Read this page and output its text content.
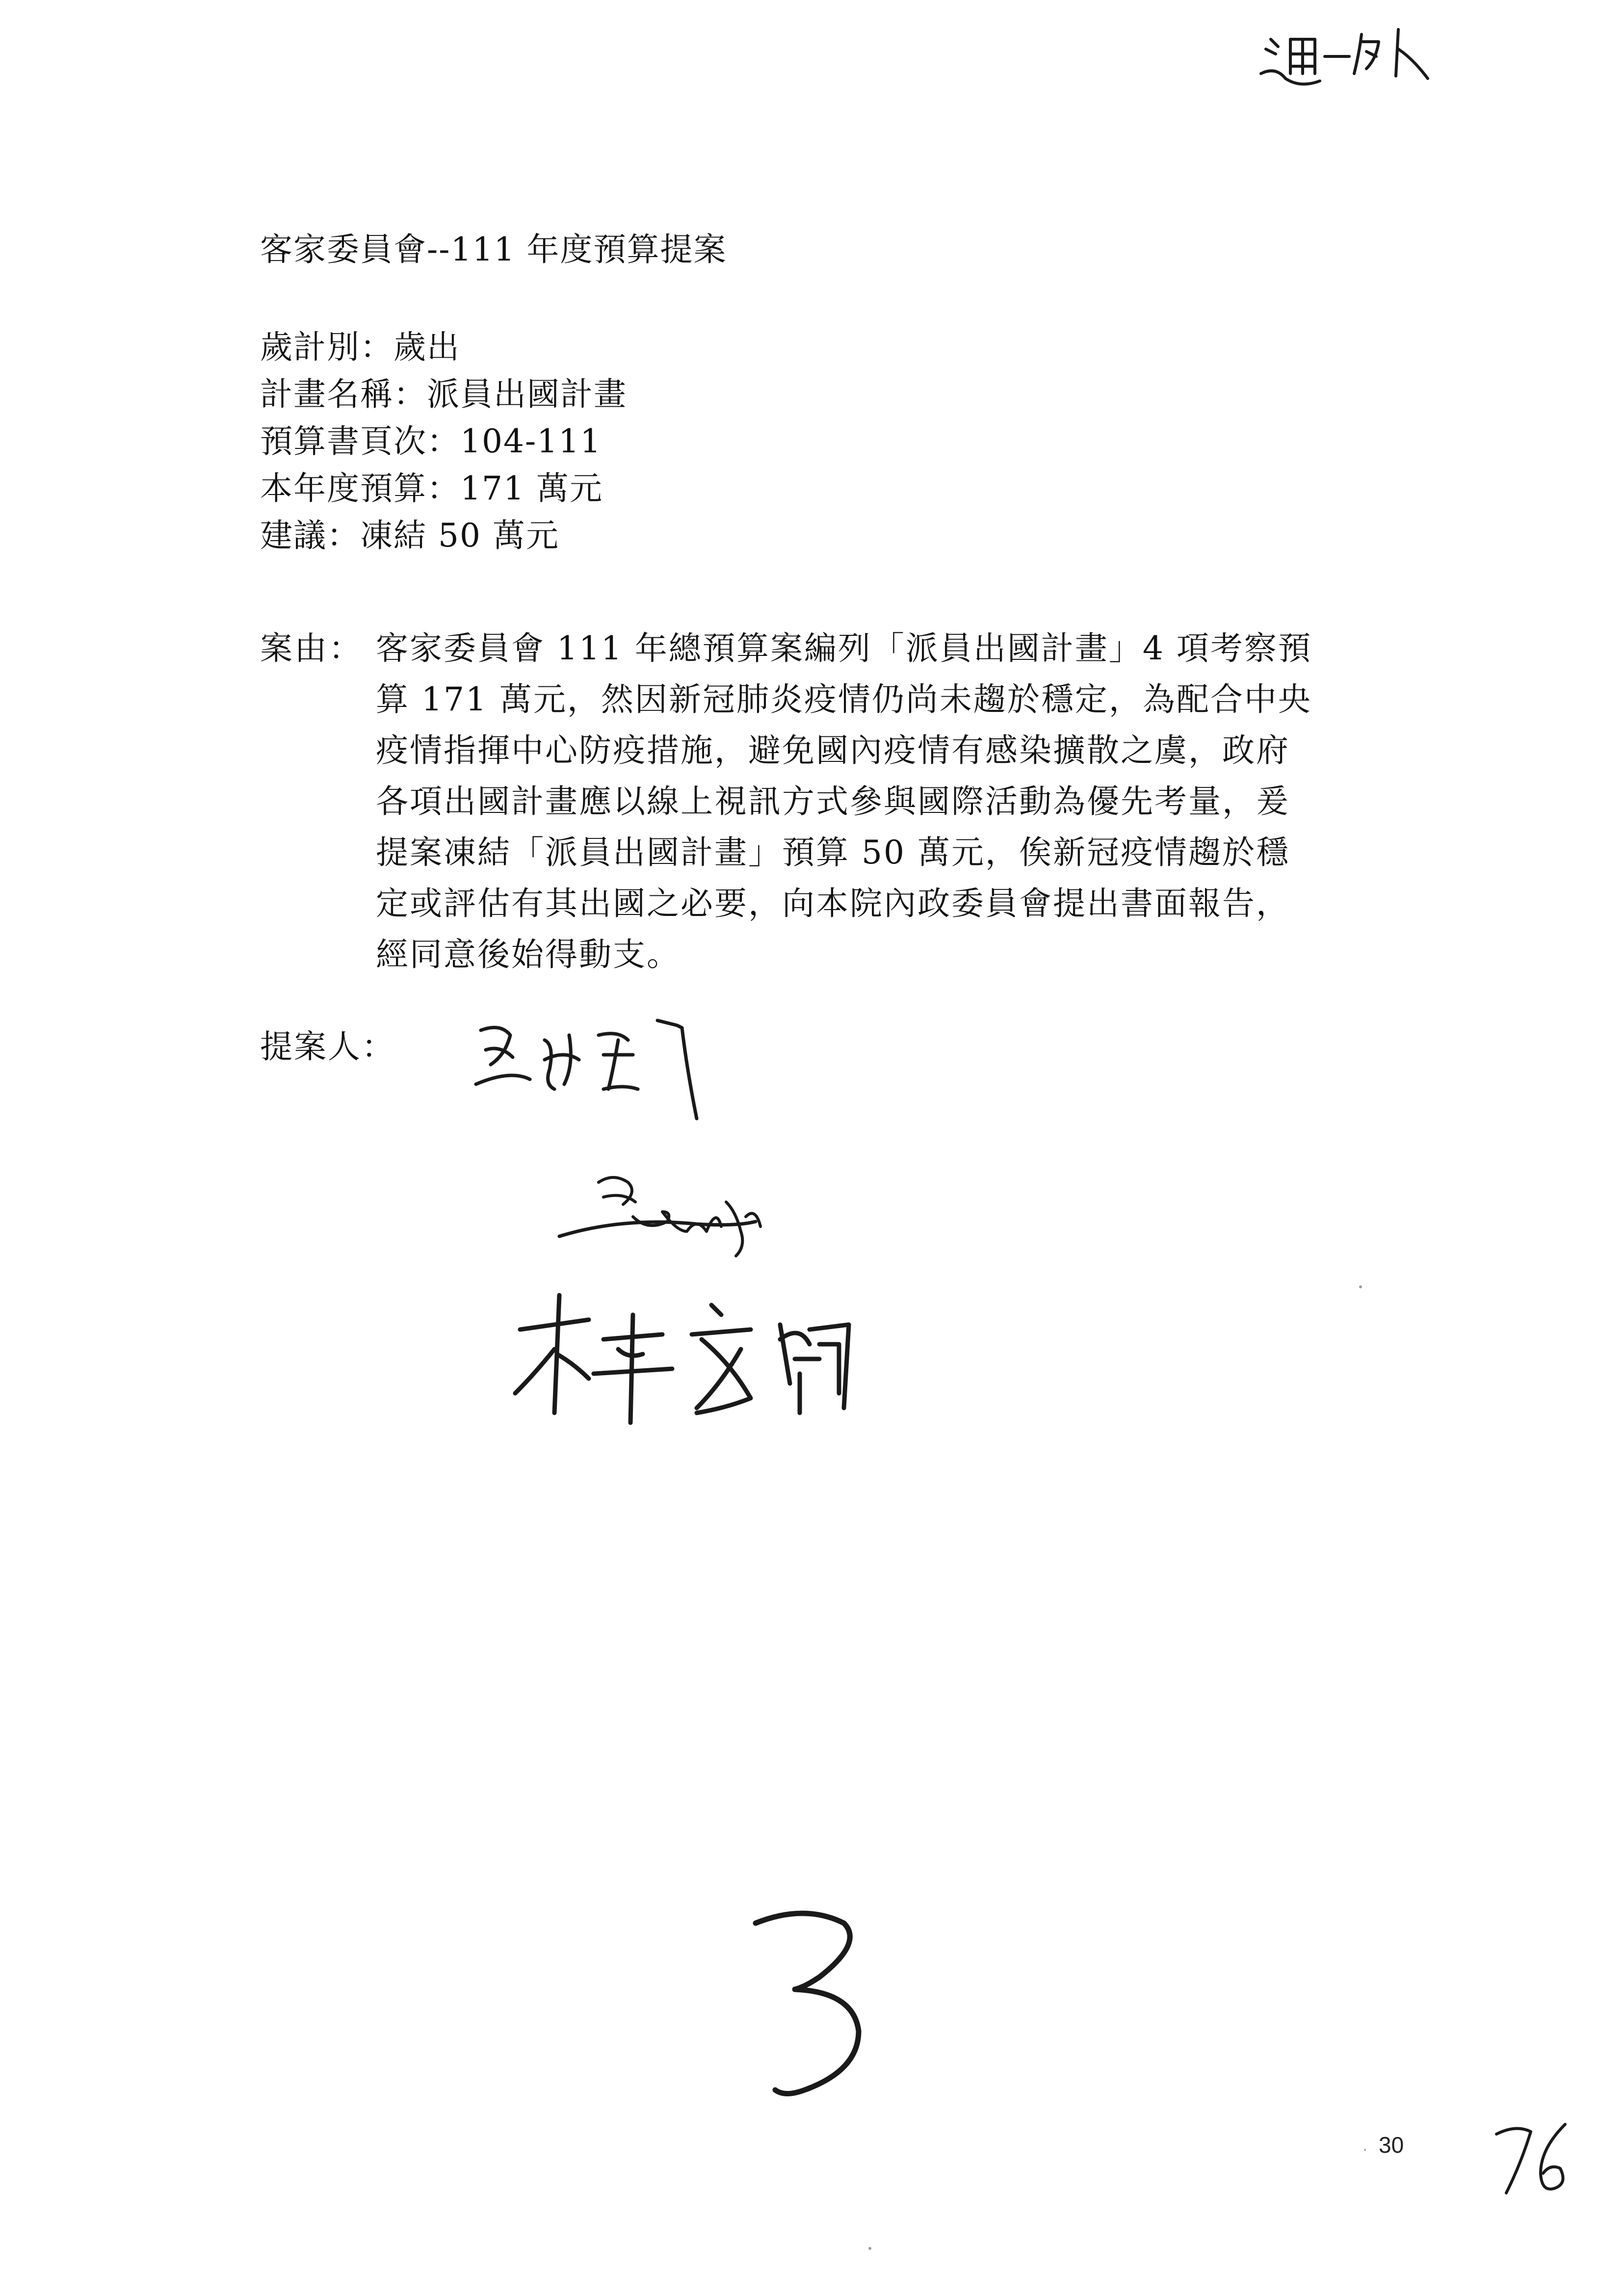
客家委員會--111 年度預算提案
歲計別：歲出
計畫名稱：派員出國計畫
預算書頁次：104-111
本年度預算：171 萬元
建議：凍結 50 萬元
案由： 客家委員會 111 年總預算案編列「派員出國計畫」4 項考察預
算 171 萬元，然因新冠肺炎疫情仍尚未趨於穩定，為配合中央
疫情指揮中心防疫措施，避免國內疫情有感染擴散之虞，政府
各項出國計畫應以線上視訊方式參與國際活動為優先考量，爰
提案凍結「派員出國計畫」預算 50 萬元，俟新冠疫情趨於穩
定或評估有其出國之必要，向本院內政委員會提出書面報告，
經同意後始得動支。
提案人：
30
